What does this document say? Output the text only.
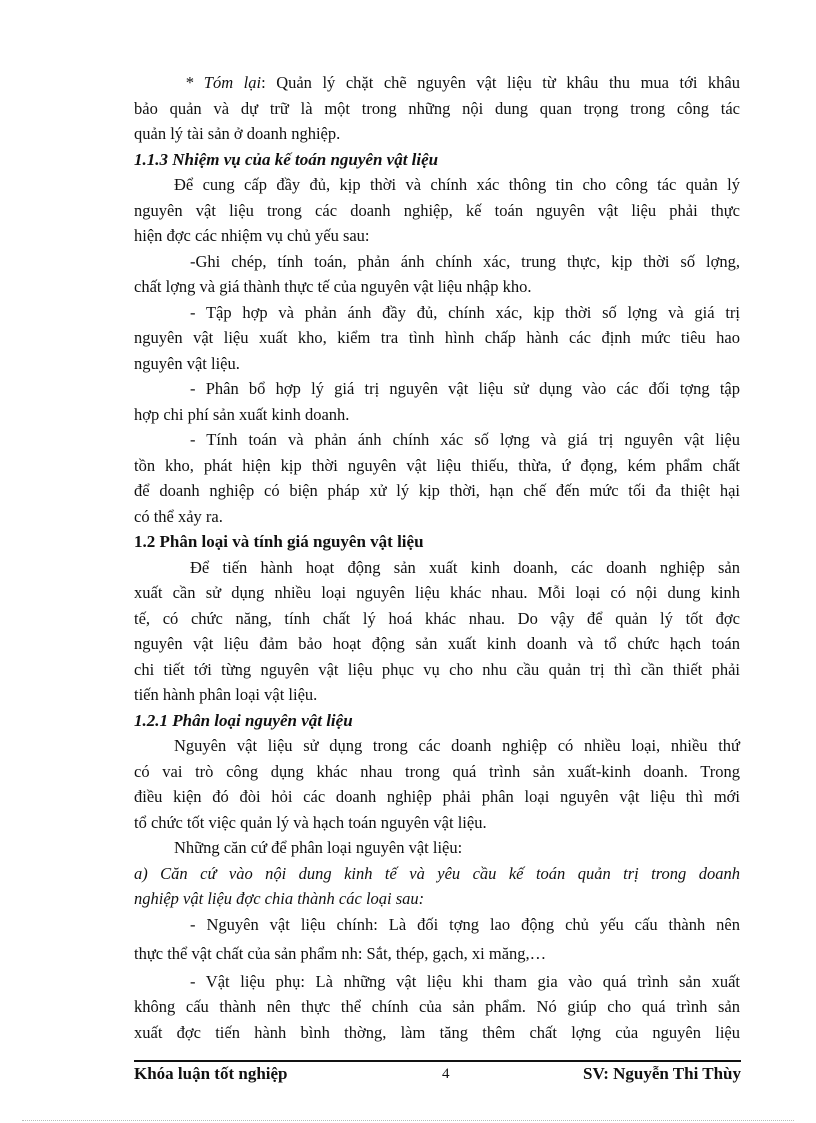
* Tóm lại: Quản lý chặt chẽ nguyên vật liệu từ khâu thu mua tới khâu
bảo quản và dự trữ là một trong những nội dung quan trọng trong công tác
quản lý tài sản ở doanh nghiệp.
1.1.3 Nhiệm vụ của kế toán nguyên vật liệu
Để cung cấp đầy đủ, kịp thời và chính xác thông tin cho công tác quản lý
nguyên vật liệu trong các doanh nghiệp, kế toán nguyên vật liệu phải thực
hiện đợc các nhiệm vụ chủ yếu sau:
-Ghi chép, tính toán, phản ánh chính xác, trung thực, kịp thời số lợng,
chất lợng và giá thành thực tế của nguyên vật liệu nhập kho.
- Tập hợp và phản ánh đầy đủ, chính xác, kịp thời số lợng và giá trị
nguyên vật liệu xuất kho, kiểm tra tình hình chấp hành các định mức tiêu hao
nguyên vật liệu.
- Phân bổ hợp lý giá trị nguyên vật liệu sử dụng vào các đối tợng tập
hợp chi phí sản xuất kinh doanh.
- Tính toán và phản ánh chính xác số lợng và giá trị nguyên vật liệu
tồn kho, phát hiện kịp thời nguyên vật liệu thiếu, thừa, ứ đọng, kém phẩm chất
để doanh nghiệp có biện pháp xử lý kịp thời, hạn chế đến mức tối đa thiệt hại
có thể xảy ra.
1.2 Phân loại và tính giá nguyên vật liệu
Để tiến hành hoạt động sản xuất kinh doanh, các doanh nghiệp sản
xuất cần sử dụng nhiều loại nguyên liệu khác nhau. Mỗi loại có nội dung kinh
tế, có chức năng, tính chất lý hoá khác nhau. Do vậy để quản lý tốt đợc
nguyên vật liệu đảm bảo hoạt động sản xuất kinh doanh và tổ chức hạch toán
chi tiết tới từng nguyên vật liệu phục vụ cho nhu cầu quản trị thì cần thiết phải
tiến hành phân loại vật liệu.
1.2.1 Phân loại nguyên vật liệu
Nguyên vật liệu sử dụng trong các doanh nghiệp có nhiều loại, nhiều thứ
có vai trò công dụng khác nhau trong quá trình sản xuất-kinh doanh. Trong
điều kiện đó đòi hỏi các doanh nghiệp phải phân loại nguyên vật liệu thì mới
tổ chức tốt việc quản lý và hạch toán nguyên vật liệu.
Những căn cứ để phân loại nguyên vật liệu:
a) Căn cứ vào nội dung kinh tế và yêu cầu kế toán quản trị trong doanh
nghiệp vật liệu đợc chia thành các loại sau:
- Nguyên vật liệu chính: Là đối tợng lao động chủ yếu cấu thành nên
thực thể vật chất của sản phẩm nh: Sắt, thép, gạch, xi măng,…
- Vật liệu phụ: Là những vật liệu khi tham gia vào quá trình sản xuất
không cấu thành nên thực thể chính của sản phẩm. Nó giúp cho quá trình sản
xuất đợc tiến hành bình thờng, làm tăng thêm chất lợng của nguyên liệu
Khóa luận tốt nghiệp	4	SV: Nguyễn Thi Thùy
